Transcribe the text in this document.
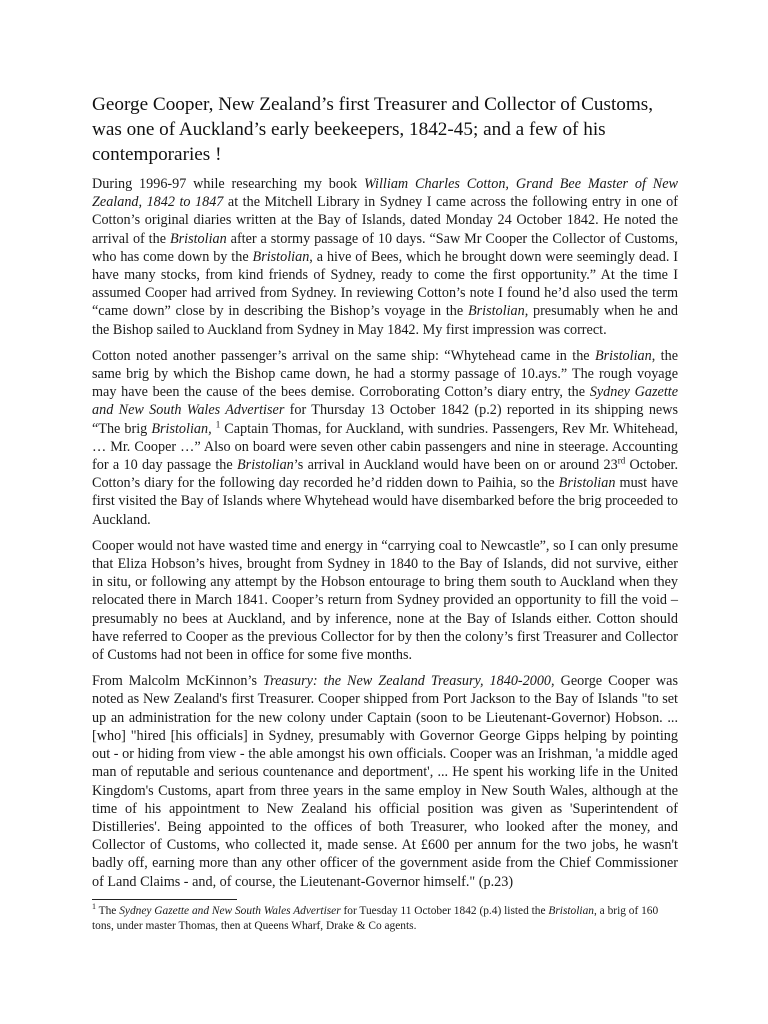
George Cooper, New Zealand’s first Treasurer and Collector of Customs, was one of Auckland’s early beekeepers, 1842-45; and a few of his contemporaries !

During 1996-97 while researching my book William Charles Cotton, Grand Bee Master of New Zealand, 1842 to 1847 at the Mitchell Library in Sydney I came across the following entry in one of Cotton’s original diaries written at the Bay of Islands, dated Monday 24 October 1842. He noted the arrival of the Bristolian after a stormy passage of 10 days. “Saw Mr Cooper the Collector of Customs, who has come down by the Bristolian, a hive of Bees, which he brought down were seemingly dead. I have many stocks, from kind friends of Sydney, ready to come the first opportunity.” At the time I assumed Cooper had arrived from Sydney. In reviewing Cotton’s note I found he’d also used the term “came down” close by in describing the Bishop’s voyage in the Bristolian, presumably when he and the Bishop sailed to Auckland from Sydney in May 1842. My first impression was correct.

Cotton noted another passenger’s arrival on the same ship: “Whytehead came in the Bristolian, the same brig by which the Bishop came down, he had a stormy passage of 10.ays.” The rough voyage may have been the cause of the bees demise. Corroborating Cotton’s diary entry, the Sydney Gazette and New South Wales Advertiser for Thursday 13 October 1842 (p.2) reported in its shipping news “The brig Bristolian, $^1$ Captain Thomas, for Auckland, with sundries. Passengers, Rev Mr. Whitehead, … Mr. Cooper …” Also on board were seven other cabin passengers and nine in steerage. Accounting for a 10 day passage the Bristolian’s arrival in Auckland would have been on or around 23rd October. Cotton’s diary for the following day recorded he’d ridden down to Paihia, so the Bristolian must have first visited the Bay of Islands where Whytehead would have disembarked before the brig proceeded to Auckland.

Cooper would not have wasted time and energy in “carrying coal to Newcastle”, so I can only presume that Eliza Hobson’s hives, brought from Sydney in 1840 to the Bay of Islands, did not survive, either in situ, or following any attempt by the Hobson entourage to bring them south to Auckland when they relocated there in March 1841. Cooper’s return from Sydney provided an opportunity to fill the void – presumably no bees at Auckland, and by inference, none at the Bay of Islands either. Cotton should have referred to Cooper as the previous Collector for by then the colony’s first Treasurer and Collector of Customs had not been in office for some five months.

From Malcolm McKinnon’s Treasury: the New Zealand Treasury, 1840-2000, George Cooper was noted as New Zealand's first Treasurer. Cooper shipped from Port Jackson to the Bay of Islands "to set up an administration for the new colony under Captain (soon to be Lieutenant-Governor) Hobson. ... [who] "hired [his officials] in Sydney, presumably with Governor George Gipps helping by pointing out - or hiding from view - the able amongst his own officials. Cooper was an Irishman, 'a middle aged man of reputable and serious countenance and deportment', ... He spent his working life in the United Kingdom's Customs, apart from three years in the same employ in New South Wales, although at the time of his appointment to New Zealand his official position was given as 'Superintendent of Distilleries'. Being appointed to the offices of both Treasurer, who looked after the money, and Collector of Customs, who collected it, made sense. At £600 per annum for the two jobs, he wasn't badly off, earning more than any other officer of the government aside from the Chief Commissioner of Land Claims - and, of course, the Lieutenant-Governor himself." (p.23)

$^1$ The Sydney Gazette and New South Wales Advertiser for Tuesday 11 October 1842 (p.4) listed the Bristolian, a brig of 160 tons, under master Thomas, then at Queens Wharf, Drake & Co agents.
